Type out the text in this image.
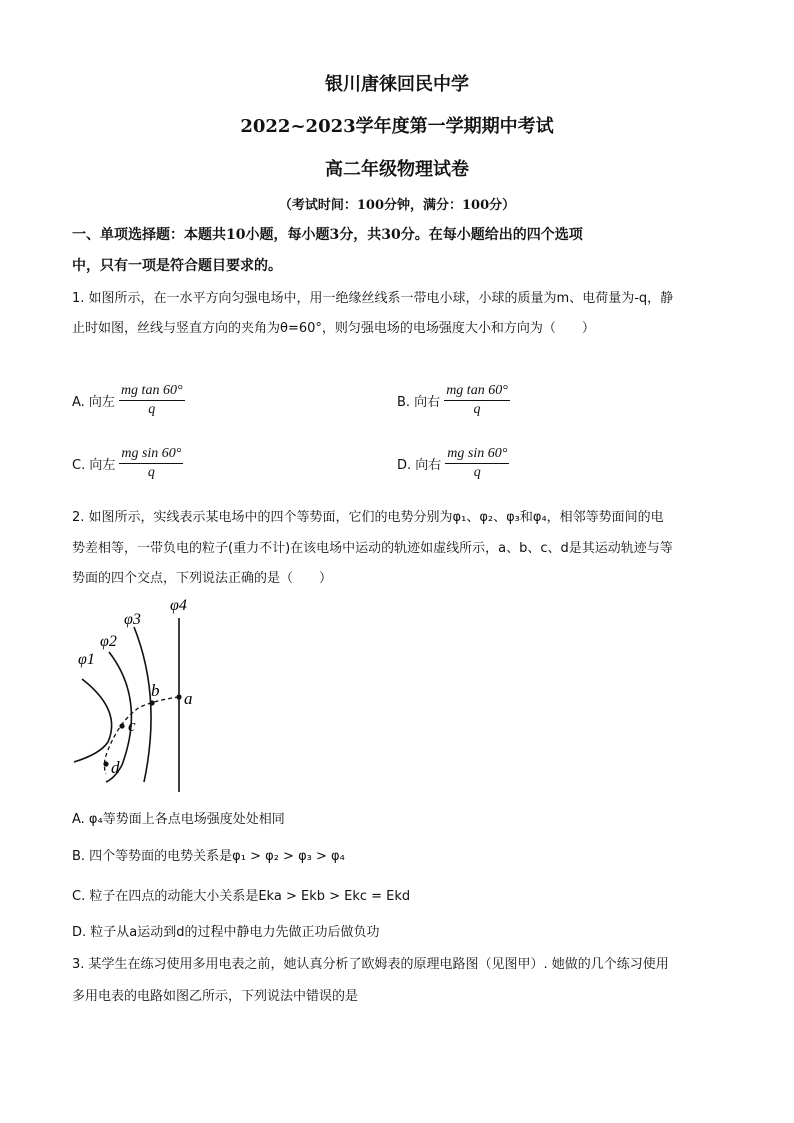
银川唐徕回民中学
2022~2023学年度第一学期期中考试
高二年级物理试卷
（考试时间：100分钟，满分：100分）
一、单项选择题：本题共10小题，每小题3分，共30分。在每小题给出的四个选项
中，只有一项是符合题目要求的。
1. 如图所示，在一水平方向匀强电场中，用一绝缘丝线系一带电小球，小球的质量为m、电荷量为-q，静
止时如图，丝线与竖直方向的夹角为θ=60°，则匀强电场的电场强度大小和方向为（　　）
A. 向左 $\frac{\text{mg tan 60°}}{q}$	B. 向右 $\frac{\text{mg tan 60°}}{q}$
C. 向左 $\frac{\text{mg sin 60°}}{q}$	D. 向右 $\frac{\text{mg sin 60°}}{q}$
2. 如图所示，实线表示某电场中的四个等势面，它们的电势分别为φ₁、φ₂、φ₃和φ₄，相邻等势面间的电
势差相等，一带负电的粒子(重力不计)在该电场中运动的轨迹如虚线所示，a、b、c、d是其运动轨迹与等
势面的四个交点，下列说法正确的是（　　）
φ1
φ2
φ3
φ4
a
b
c
d
A. φ₄等势面上各点电场强度处处相同
B. 四个等势面的电势关系是φ₁ > φ₂ > φ₃ > φ₄
C. 粒子在四点的动能大小关系是Eka > Ekb > Ekc = Ekd
D. 粒子从a运动到d的过程中静电力先做正功后做负功
3. 某学生在练习使用多用电表之前，她认真分析了欧姆表的原理电路图（见图甲）. 她做的几个练习使用
多用电表的电路如图乙所示，下列说法中错误的是
